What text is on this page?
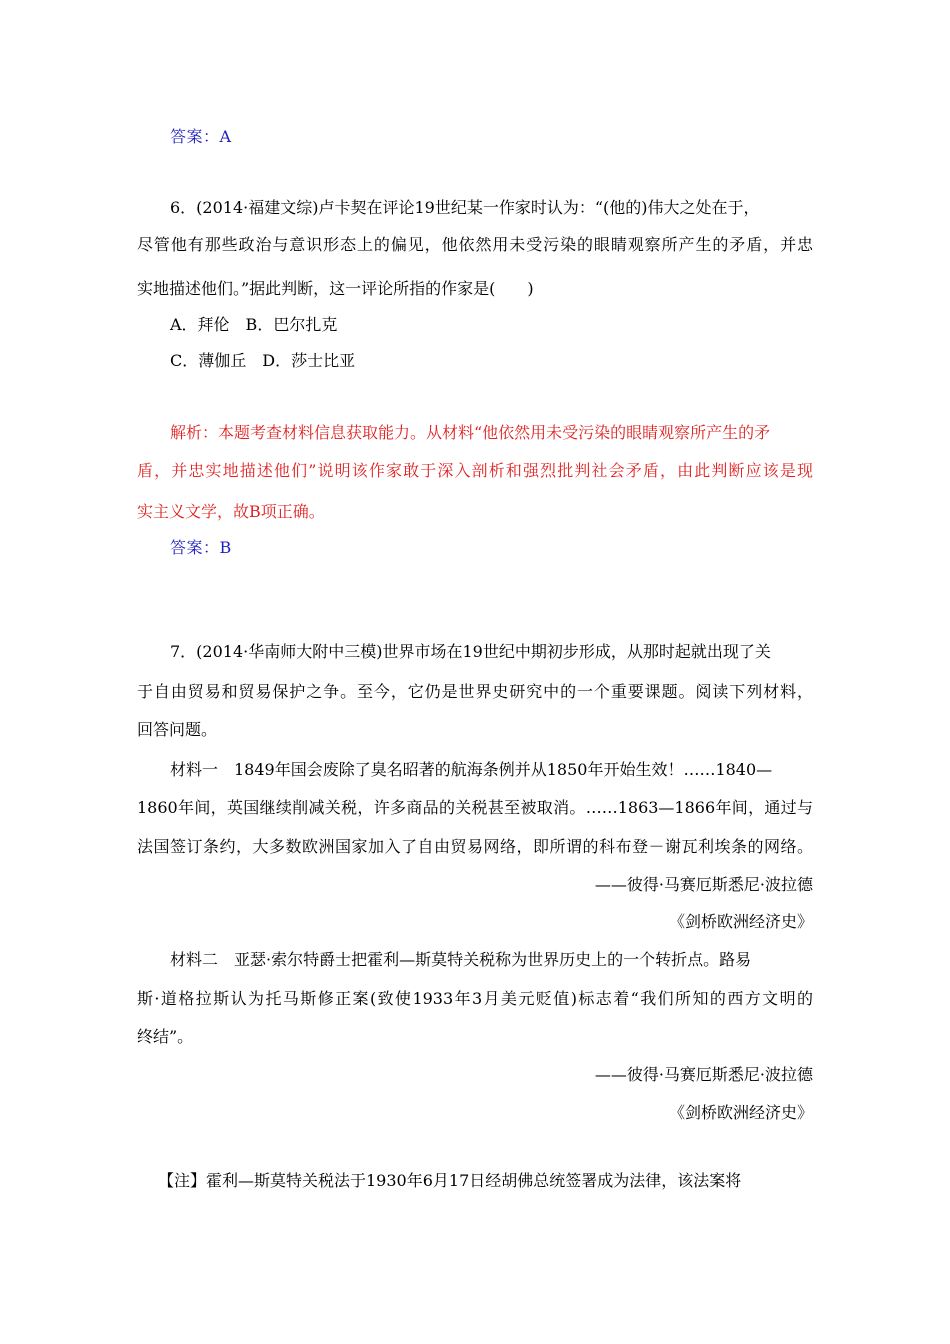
答案：A
6．(2014·福建文综)卢卡契在评论19世纪某一作家时认为：“(他的)伟大之处在于，
尽管他有那些政治与意识形态上的偏见，他依然用未受污染的眼睛观察所产生的矛盾，并忠
实地描述他们。”据此判断，这一评论所指的作家是(　　)
A．拜伦　B．巴尔扎克
C．薄伽丘　D．莎士比亚
解析：本题考查材料信息获取能力。从材料“他依然用未受污染的眼睛观察所产生的矛
盾，并忠实地描述他们”说明该作家敢于深入剖析和强烈批判社会矛盾，由此判断应该是现
实主义文学，故B项正确。
答案：B
7．(2014·华南师大附中三模)世界市场在19世纪中期初步形成，从那时起就出现了关
于自由贸易和贸易保护之争。至今，它仍是世界史研究中的一个重要课题。阅读下列材料，
回答问题。
材料一　1849年国会废除了臭名昭著的航海条例并从1850年开始生效！……1840—
1860年间，英国继续削减关税，许多商品的关税甚至被取消。……1863—1866年间，通过与
法国签订条约，大多数欧洲国家加入了自由贸易网络，即所谓的科布登－谢瓦利埃条的网络。
——彼得·马赛厄斯悉尼·波拉德
《剑桥欧洲经济史》
材料二　亚瑟·索尔特爵士把霍利—斯莫特关税称为世界历史上的一个转折点。路易
斯·道格拉斯认为托马斯修正案(致使1933年3月美元贬值)标志着“我们所知的西方文明的
终结”。
——彼得·马赛厄斯悉尼·波拉德
《剑桥欧洲经济史》
【注】霍利—斯莫特关税法于1930年6月17日经胡佛总统签署成为法律，该法案将
